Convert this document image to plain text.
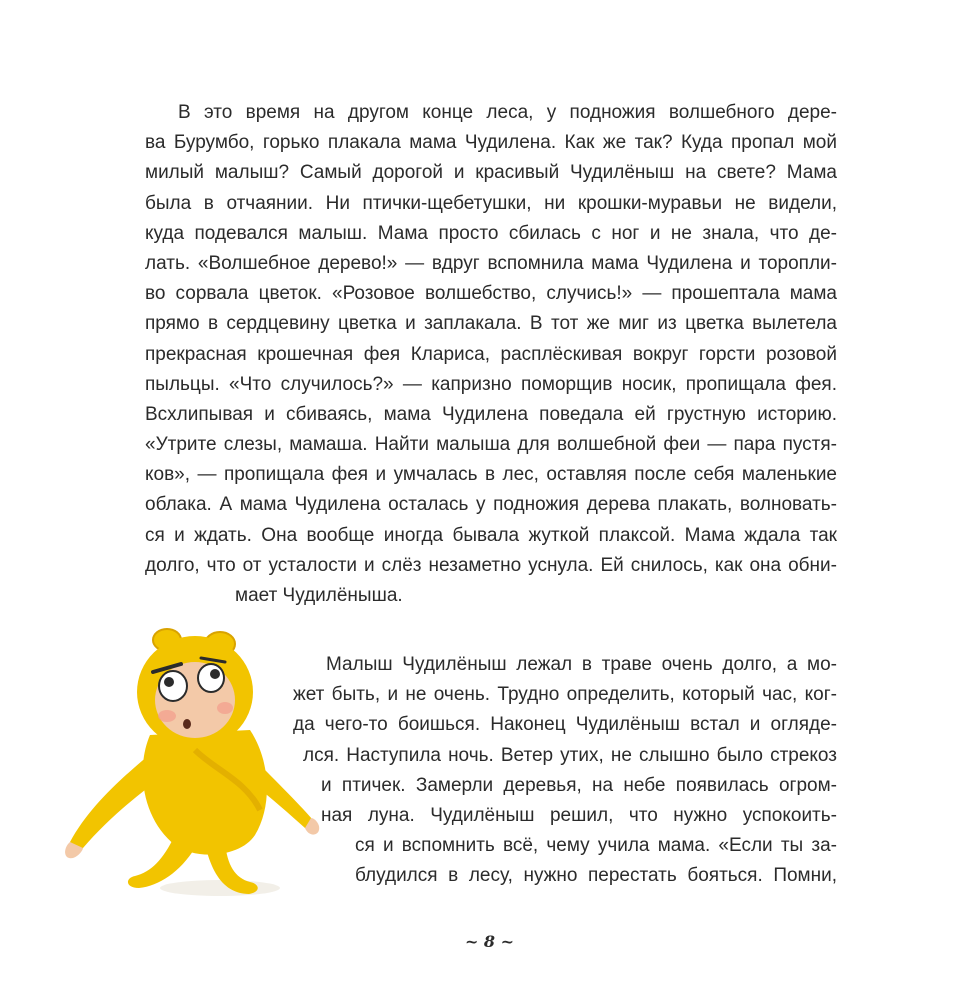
В это время на другом конце леса, у подножия волшебного дере-
ва Бурумбо, горько плакала мама Чудилена. Как же так? Куда пропал мой
милый малыш? Самый дорогой и красивый Чудилёныш на свете? Мама
была в отчаянии. Ни птички-щебетушки, ни крошки-муравьи не видели,
куда подевался малыш. Мама просто сбилась с ног и не знала, что де-
лать. «Волшебное дерево!» — вдруг вспомнила мама Чудилена и торопли-
во сорвала цветок. «Розовое волшебство, случись!» — прошептала мама
прямо в сердцевину цветка и заплакала. В тот же миг из цветка вылетела
прекрасная крошечная фея Клариса, расплёскивая вокруг горсти розовой
пыльцы. «Что случилось?» — капризно поморщив носик, пропищала фея.
Всхлипывая и сбиваясь, мама Чудилена поведала ей грустную историю.
«Утрите слезы, мамаша. Найти малыша для волшебной феи — пара пустя-
ков», — пропищала фея и умчалась в лес, оставляя после себя маленькие
облака. А мама Чудилена осталась у подножия дерева плакать, волновать-
ся и ждать. Она вообще иногда бывала жуткой плаксой. Мама ждала так
долго, что от усталости и слёз незаметно уснула. Ей снилось, как она обни-
мает Чудилёныша.
Малыш Чудилёныш лежал в траве очень долго, а мо-
жет быть, и не очень. Трудно определить, который час, ког-
да чего-то боишься. Наконец Чудилёныш встал и огляде-
лся. Наступила ночь. Ветер утих, не слышно было стрекоз
и птичек. Замерли деревья, на небе появилась огром-
ная луна. Чудилёныш решил, что нужно успокоить-
ся и вспомнить всё, чему учила мама. «Если ты за-
блудился в лесу, нужно перестать бояться. Помни,
~ 8 ~
